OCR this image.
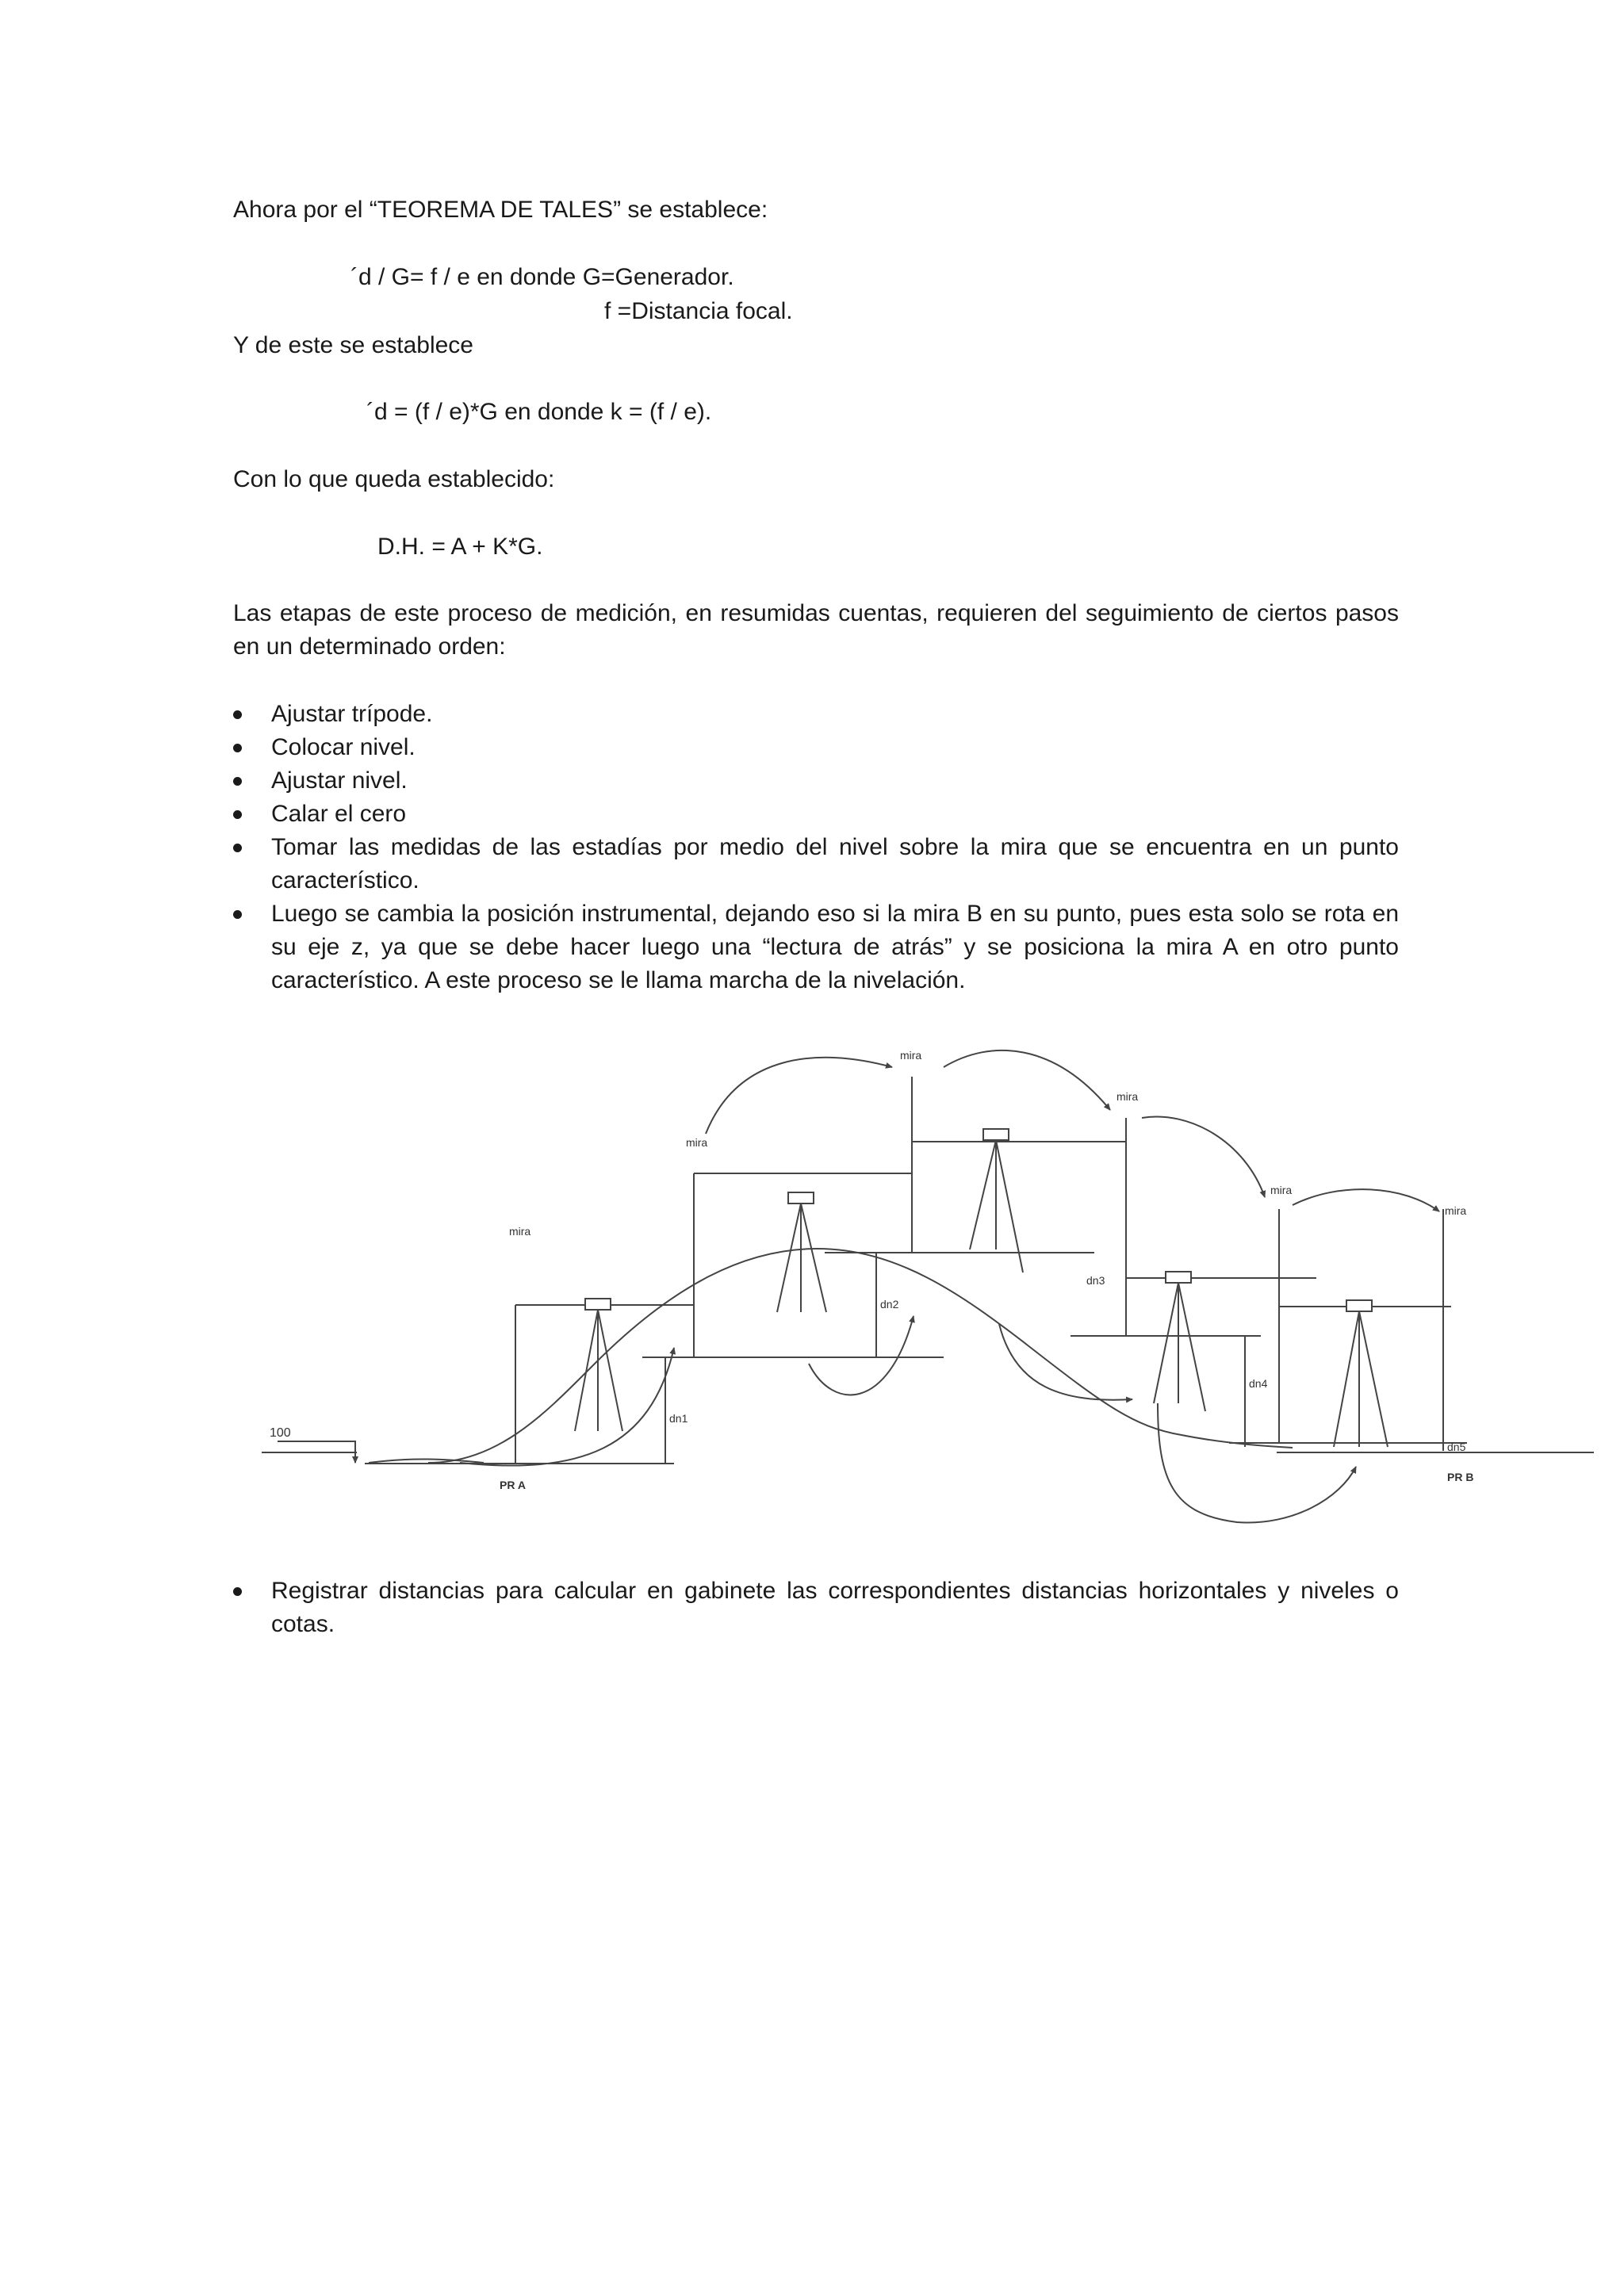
Ahora por el “TEOREMA DE TALES” se establece:
´d / G= f / e en donde G=Generador.
f =Distancia focal.
Y de este se establece
´d = (f / e)*G en donde k = (f / e).
Con lo que queda establecido:
D.H. = A + K*G.
Las etapas de este proceso de medición, en resumidas cuentas, requieren del seguimiento de ciertos pasos en un determinado orden:
Ajustar trípode.
Colocar nivel.
Ajustar nivel.
Calar el cero
Tomar las medidas de las estadías por medio del nivel sobre la mira que se encuentra en un punto característico.
Luego se cambia la posición instrumental, dejando eso si la mira B en su punto, pues esta solo se rota en su eje z, ya que se debe hacer luego una “lectura de atrás” y se posiciona la mira A en otro punto característico. A este proceso se le llama marcha de la nivelación.
100
PR A
PR B
mira
mira
mira
mira
mira
mira
dn1
dn2
dn3
dn4
dn5
Registrar distancias para calcular en gabinete las correspondientes distancias horizontales y niveles o cotas.
